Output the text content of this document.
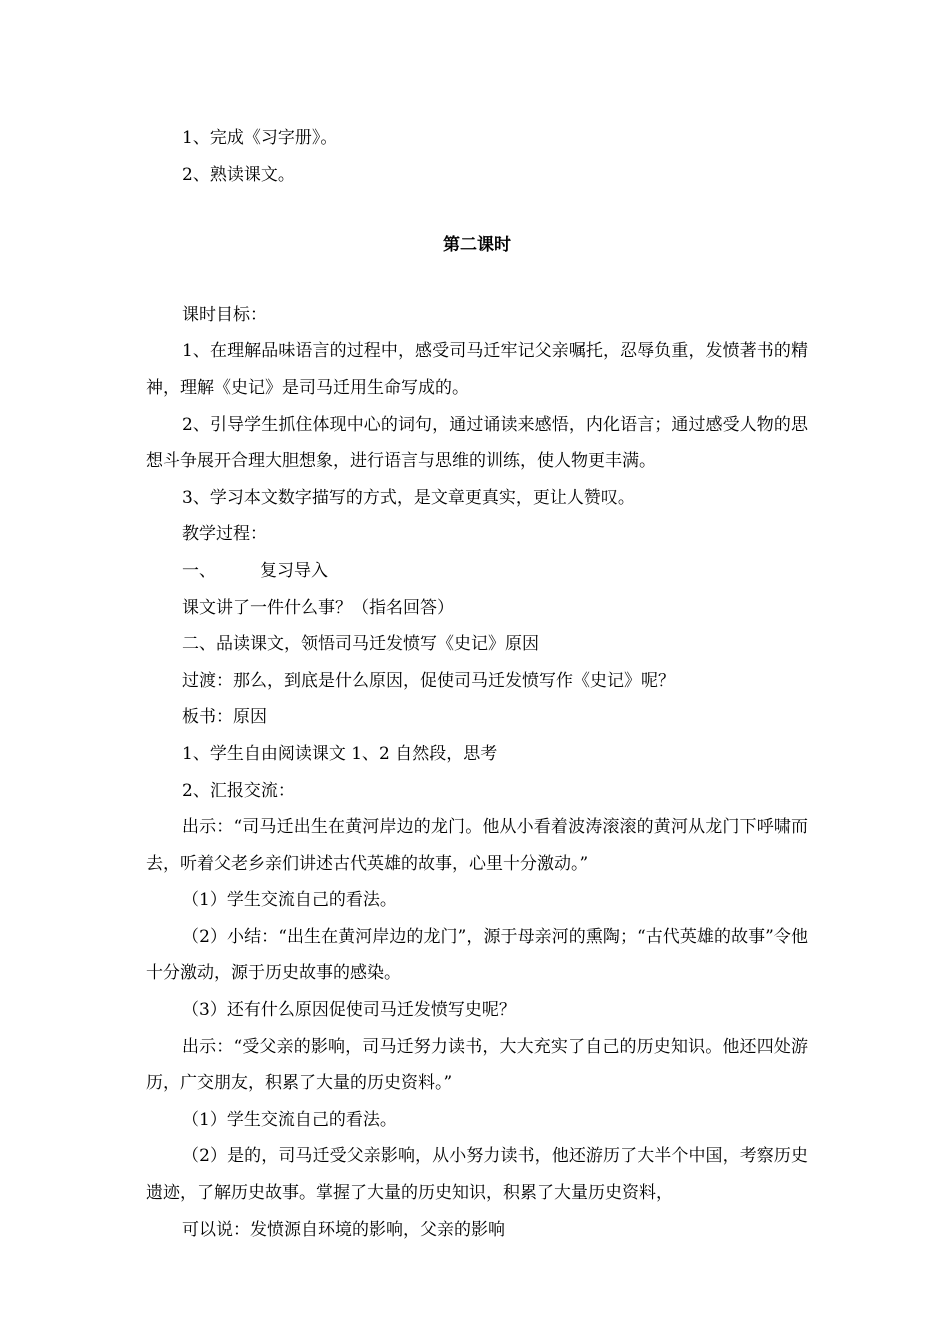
1、完成《习字册》。
2、熟读课文。
第二课时
课时目标：
1、在理解品味语言的过程中，感受司马迁牢记父亲嘱托，忍辱负重，发愤著书的精神，理解《史记》是司马迁用生命写成的。
2、引导学生抓住体现中心的词句，通过诵读来感悟，内化语言；通过感受人物的思想斗争展开合理大胆想象，进行语言与思维的训练，使人物更丰满。
3、学习本文数字描写的方式，是文章更真实，更让人赞叹。
教学过程：
一、	复习导入
课文讲了一件什么事？（指名回答）
二、品读课文，领悟司马迁发愤写《史记》原因
过渡：那么，到底是什么原因，促使司马迁发愤写作《史记》呢？
板书：原因
1、学生自由阅读课文 1、2 自然段，思考
2、汇报交流：
出示：“司马迁出生在黄河岸边的龙门。他从小看着波涛滚滚的黄河从龙门下呼啸而去，听着父老乡亲们讲述古代英雄的故事，心里十分激动。”
（1）学生交流自己的看法。
（2）小结：“出生在黄河岸边的龙门”，源于母亲河的熏陶；“古代英雄的故事”令他十分激动，源于历史故事的感染。
（3）还有什么原因促使司马迁发愤写史呢？
出示：“受父亲的影响，司马迁努力读书，大大充实了自己的历史知识。他还四处游历，广交朋友，积累了大量的历史资料。”
（1）学生交流自己的看法。
（2）是的，司马迁受父亲影响，从小努力读书，他还游历了大半个中国，考察历史遗迹，了解历史故事。掌握了大量的历史知识，积累了大量历史资料，
可以说：发愤源自环境的影响，父亲的影响
